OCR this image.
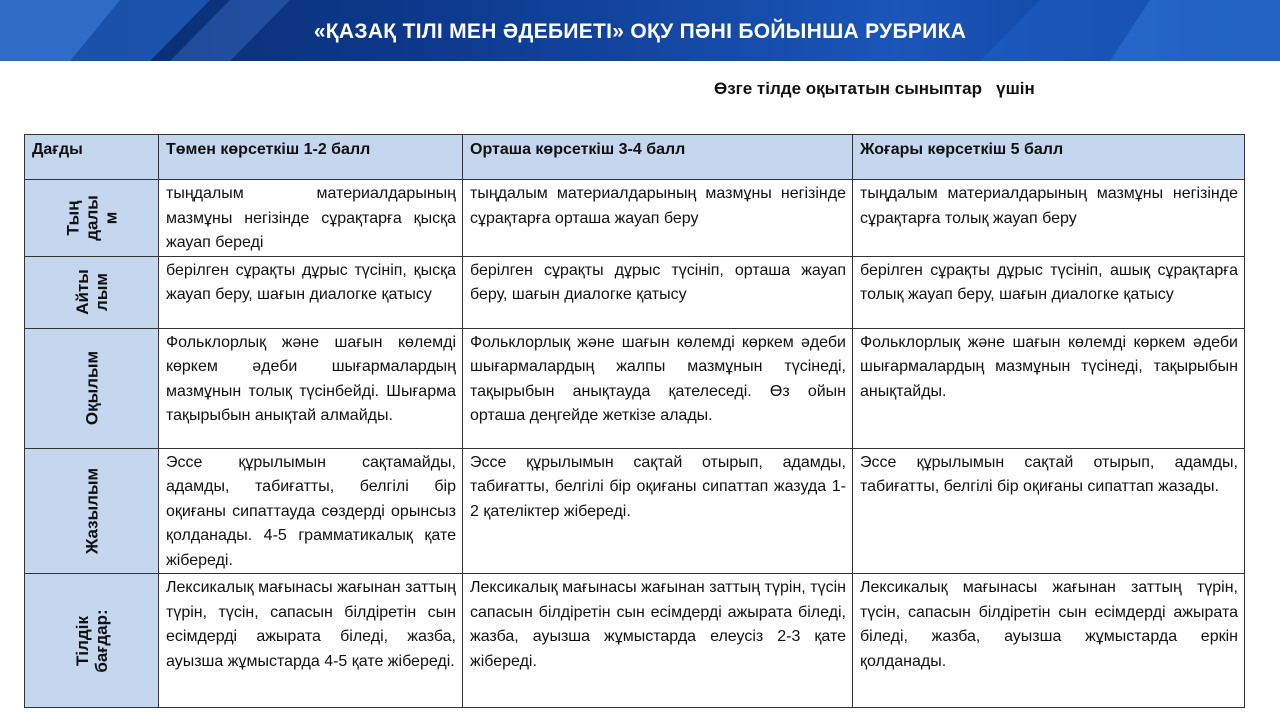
«ҚАЗАҚ ТІЛІ МЕН ӘДЕБИЕТІ» ОҚУ ПӘНІ БОЙЫНША РУБРИКА
Өзге тілде оқытатын сыныптар   үшін
Дағды	Төмен көрсеткіш 1-2 балл	Орташа көрсеткіш 3-4 балл	Жоғары көрсеткіш 5 балл

Тың далы м	тыңдалым материалдарының мазмұны негізінде сұрақтарға қысқа жауап береді	тыңдалым материалдарының мазмұны негізінде сұрақтарға орташа жауап беру	тыңдалым материалдарының мазмұны негізінде сұрақтарға толық жауап беру

Айты лым	берілген сұрақты дұрыс түсініп, қысқа жауап беру, шағын диалогке қатысу	берілген сұрақты дұрыс түсініп, орташа жауап беру, шағын диалогке қатысу	берілген сұрақты дұрыс түсініп, ашық сұрақтарға толық жауап беру, шағын диалогке қатысу

Оқылым	Фольклорлық және шағын көлемді көркем әдеби шығармалардың мазмұнын толық түсінбейді. Шығарма тақырыбын анықтай алмайды.	Фольклорлық және шағын көлемді көркем әдеби шығармалардың жалпы мазмұнын түсінеді, тақырыбын анықтауда қателеседі. Өз ойын орташа деңгейде жеткізе алады.	Фольклорлық және шағын көлемді көркем әдеби шығармалардың мазмұнын түсінеді, тақырыбын анықтайды.

Жазылым	Эссе құрылымын сақтамайды, адамды, табиғатты, белгілі бір оқиғаны сипаттауда сөздерді орынсыз қолданады. 4-5 грамматикалық қате жібереді.	Эссе құрылымын сақтай отырып, адамды, табиғатты, белгілі бір оқиғаны сипаттап жазуда 1-2 қателіктер жібереді.	Эссе құрылымын сақтай отырып, адамды, табиғатты, белгілі бір оқиғаны сипаттап жазады.

Тілдік бағдар:	Лексикалық мағынасы жағынан заттың түрін, түсін, сапасын білдіретін сын есімдерді ажырата біледі, жазба, ауызша жұмыстарда 4-5 қате жібереді.	Лексикалық мағынасы жағынан заттың түрін, түсін сапасын білдіретін сын есімдерді ажырата біледі, жазба, ауызша жұмыстарда елеусіз 2-3 қате жібереді.	Лексикалық мағынасы жағынан заттың түрін, түсін, сапасын білдіретін сын есімдерді ажырата біледі, жазба, ауызша жұмыстарда еркін қолданады.
